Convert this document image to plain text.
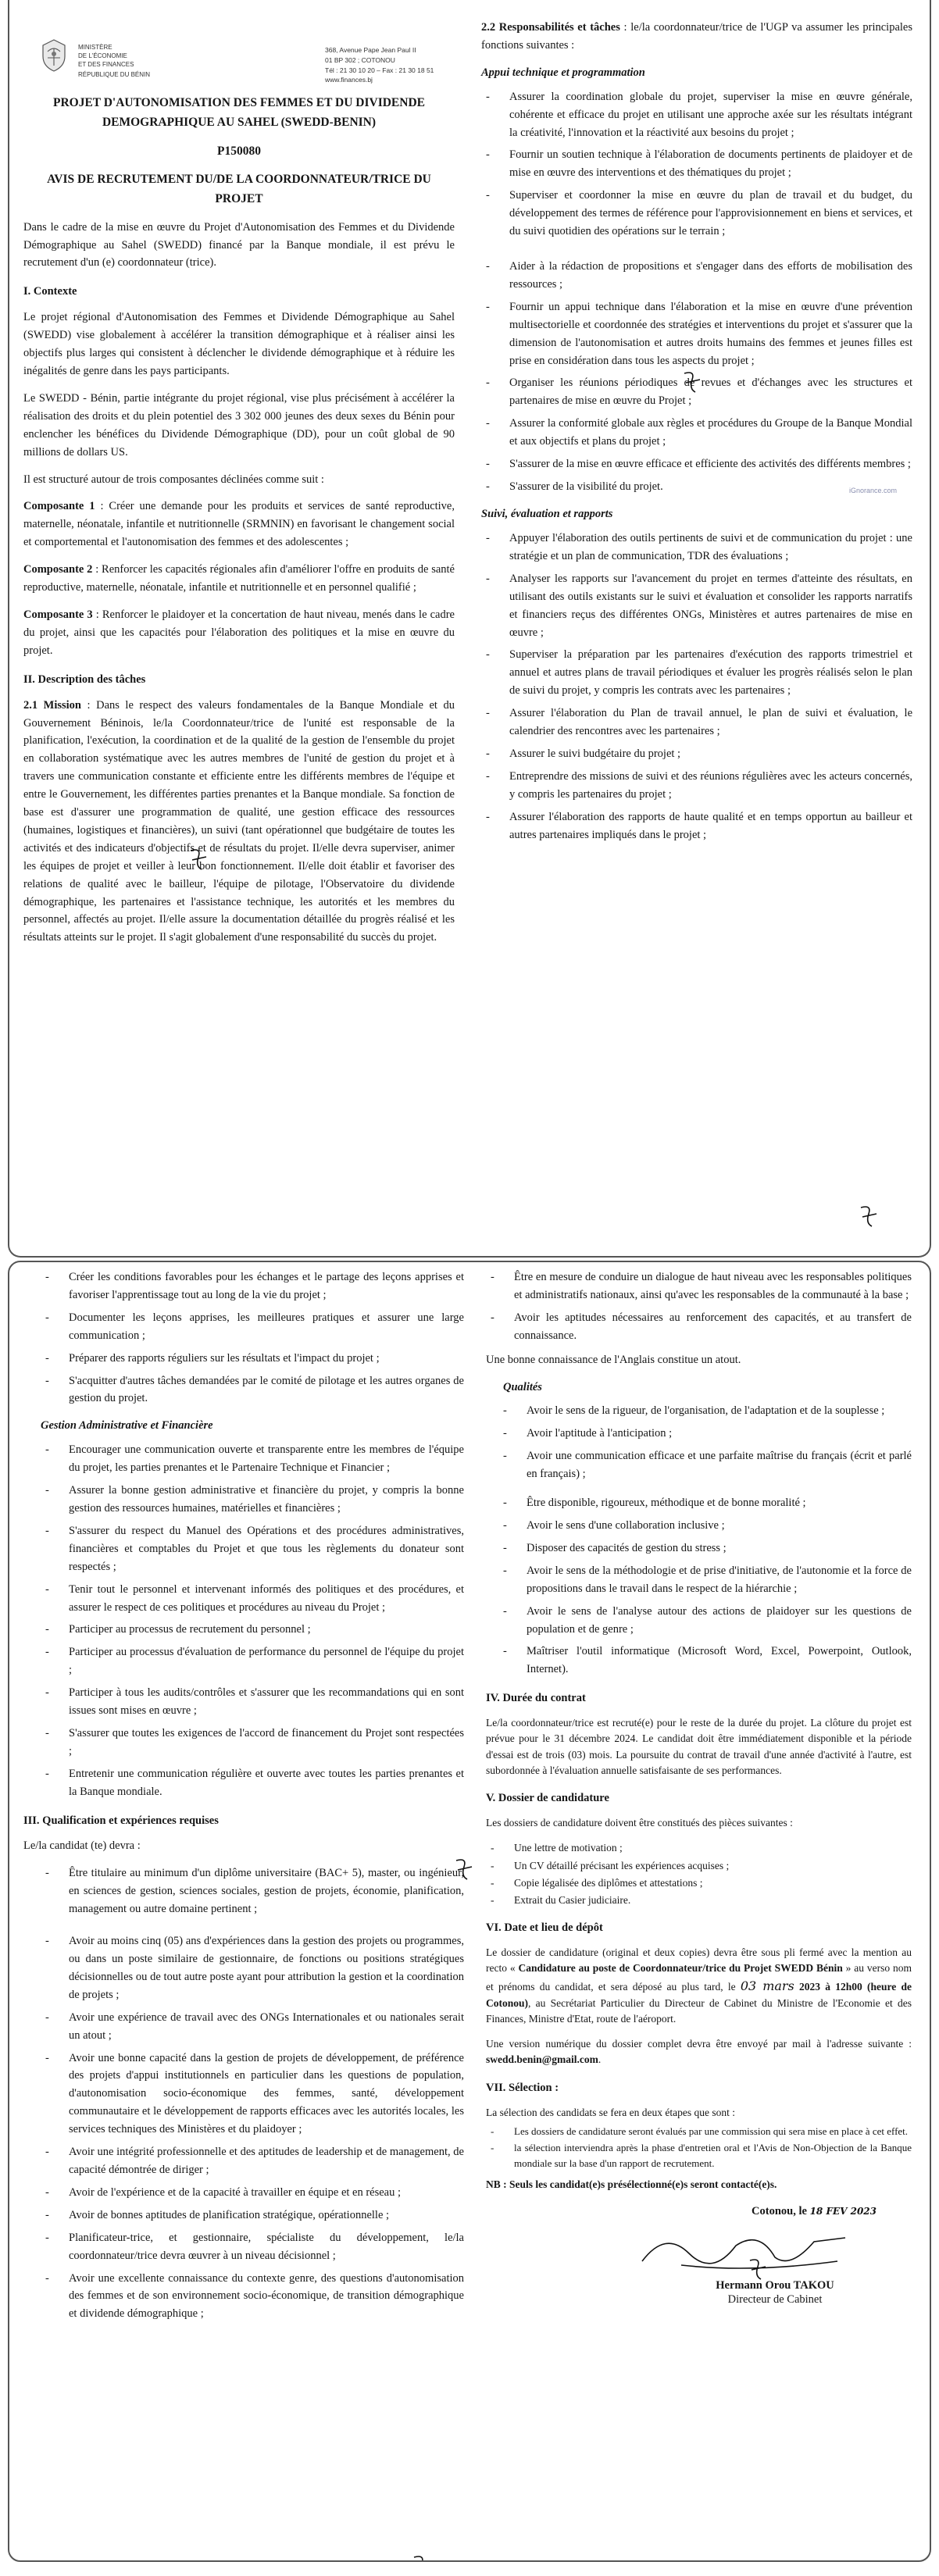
MINISTÈRE
DE L'ÉCONOMIE
ET DES FINANCES
RÉPUBLIQUE DU BÉNIN
PROJET D'AUTONOMISATION DES FEMMES ET DU DIVIDENDE DEMOGRAPHIQUE AU SAHEL (SWEDD-BENIN)
P150080
AVIS DE RECRUTEMENT DU/DE LA COORDONNATEUR/TRICE DU PROJET

Dans le cadre de la mise en œuvre du Projet d'Autonomisation des Femmes et du Dividende Démographique au Sahel (SWEDD) financé par la Banque mondiale, il est prévu le recrutement d'un (e) coordonnateur (trice).

I. Contexte

Le projet régional d'Autonomisation des Femmes et Dividende Démographique au Sahel (SWEDD) vise globalement à accélérer la transition démographique et à réaliser ainsi les objectifs plus larges qui consistent à déclencher le dividende démographique et à réduire les inégalités de genre dans les pays participants.

Le SWEDD - Bénin, partie intégrante du projet régional, vise plus précisément à accélérer la réalisation des droits et du plein potentiel des 3 302 000 jeunes des deux sexes du Bénin pour enclencher les bénéfices du Dividende Démographique (DD), pour un coût global de 90 millions de dollars US.

Il est structuré autour de trois composantes déclinées comme suit :

Composante 1 : Créer une demande pour les produits et services de santé reproductive, maternelle, néonatale, infantile et nutritionnelle (SRMNIN) en favorisant le changement social et comportemental et l'autonomisation des femmes et des adolescentes ;

Composante 2 : Renforcer les capacités régionales afin d'améliorer l'offre en produits de santé reproductive, maternelle, néonatale, infantile et nutritionnelle et en personnel qualifié ;

Composante 3 : Renforcer le plaidoyer et la concertation de haut niveau, menés dans le cadre du projet, ainsi que les capacités pour l'élaboration des politiques et la mise en œuvre du projet.

II. Description des tâches

2.1 Mission : Dans le respect des valeurs fondamentales de la Banque Mondiale et du Gouvernement Béninois, le/la Coordonnateur/trice de l'unité est responsable de la planification, l'exécution, la coordination et de la qualité de la gestion de l'ensemble du projet en collaboration systématique avec les autres membres de l'unité de gestion du projet et à travers une communication constante et efficiente entre les différents membres de l'équipe et entre le Gouvernement, les différentes parties prenantes et la Banque mondiale. Sa fonction de base est d'assurer une programmation de qualité, une gestion efficace des ressources (humaines, logistiques et financières), un suivi (tant opérationnel que budgétaire de toutes les activités et des indicateurs d'objectifs et de résultats du projet. Il/elle devra superviser, animer les équipes de projet et veiller à leur bon fonctionnement. Il/elle doit établir et favoriser des relations de qualité avec le bailleur, l'équipe de pilotage, l'Observatoire du dividende démographique, les partenaires et l'assistance technique, les autorités et les membres du personnel, affectés au projet. Il/elle assure la documentation détaillée du progrès réalisé et les résultats atteints sur le projet. Il s'agit globalement d'une responsabilité du succès du projet.

368, Avenue Pape Jean Paul II
01 BP 302 ; COTONOU
Tél : 21 30 10 20 – Fax : 21 30 18 51
www.finances.bj

2.2 Responsabilités et tâches : le/la coordonnateur/trice de l'UGP va assumer les principales fonctions suivantes :

Appui technique et programmation
- Assurer la coordination globale du projet, superviser la mise en œuvre générale, cohérente et efficace du projet en utilisant une approche axée sur les résultats intégrant la créativité, l'innovation et la réactivité aux besoins du projet ;
- Fournir un soutien technique à l'élaboration de documents pertinents de plaidoyer et de mise en œuvre des interventions et des thématiques du projet ;
- Superviser et coordonner la mise en œuvre du plan de travail et du budget, du développement des termes de référence pour l'approvisionnement en biens et services, et du suivi quotidien des opérations sur le terrain ;
- Aider à la rédaction de propositions et s'engager dans des efforts de mobilisation des ressources ;
- Fournir un appui technique dans l'élaboration et la mise en œuvre d'une prévention multisectorielle et coordonnée des stratégies et interventions du projet et s'assurer que la dimension de l'autonomisation et autres droits humains des femmes et jeunes filles est prise en considération dans tous les aspects du projet ;
- Organiser les réunions périodiques de revues et d'échanges avec les structures et partenaires de mise en œuvre du Projet ;
- Assurer la conformité globale aux règles et procédures du Groupe de la Banque Mondial et aux objectifs et plans du projet ;
- S'assurer de la mise en œuvre efficace et efficiente des activités des différents membres ;
- S'assurer de la visibilité du projet.	iGnorance.com
Suivi, évaluation et rapports
- Appuyer l'élaboration des outils pertinents de suivi et de communication du projet : une stratégie et un plan de communication, TDR des évaluations ;
- Analyser les rapports sur l'avancement du projet en termes d'atteinte des résultats, en utilisant des outils existants sur le suivi et évaluation et consolider les rapports narratifs et financiers reçus des différentes ONGs, Ministères et autres partenaires de mise en œuvre ;
- Superviser la préparation par les partenaires d'exécution des rapports trimestriel et annuel et autres plans de travail périodiques et évaluer les progrès réalisés selon le plan de suivi du projet, y compris les contrats avec les partenaires ;
- Assurer l'élaboration du Plan de travail annuel, le plan de suivi et évaluation, le calendrier des rencontres avec les partenaires ;
- Assurer le suivi budgétaire du projet ;
- Entreprendre des missions de suivi et des réunions régulières avec les acteurs concernés, y compris les partenaires du projet ;
- Assurer l'élaboration des rapports de haute qualité et en temps opportun au bailleur et autres partenaires impliqués dans le projet ;
- Créer les conditions favorables pour les échanges et le partage des leçons apprises et favoriser l'apprentissage tout au long de la vie du projet ;
- Documenter les leçons apprises, les meilleures pratiques et assurer une large communication ;
- Préparer des rapports réguliers sur les résultats et l'impact du projet ;
- S'acquitter d'autres tâches demandées par le comité de pilotage et les autres organes de gestion du projet.
Gestion Administrative et Financière
- Encourager une communication ouverte et transparente entre les membres de l'équipe du projet, les parties prenantes et le Partenaire Technique et Financier ;
- Assurer la bonne gestion administrative et financière du projet, y compris la bonne gestion des ressources humaines, matérielles et financières ;
- S'assurer du respect du Manuel des Opérations et des procédures administratives, financières et comptables du Projet et que tous les règlements du donateur sont respectés ;
- Tenir tout le personnel et intervenant informés des politiques et des procédures, et assurer le respect de ces politiques et procédures au niveau du Projet ;
- Participer au processus de recrutement du personnel ;
- Participer au processus d'évaluation de performance du personnel de l'équipe du projet ;
- Participer à tous les audits/contrôles et s'assurer que les recommandations qui en sont issues sont mises en œuvre ;
- S'assurer que toutes les exigences de l'accord de financement du Projet sont respectées ;
- Entretenir une communication régulière et ouverte avec toutes les parties prenantes et la Banque mondiale.
III. Qualification et expériences requises

Le/la candidat (te) devra :

- Être titulaire au minimum d'un diplôme universitaire (BAC+ 5), master, ou ingénieur, en sciences de gestion, sciences sociales, gestion de projets, économie, planification, management ou autre domaine pertinent ;
- Avoir au moins cinq (05) ans d'expériences dans la gestion des projets ou programmes, ou dans un poste similaire de gestionnaire, de fonctions ou positions stratégiques décisionnelles ou de tout autre poste ayant pour attribution la gestion et la coordination de projets ;
- Avoir une expérience de travail avec des ONGs Internationales et ou nationales serait un atout ;
- Avoir une bonne capacité dans la gestion de projets de développement, de préférence des projets d'appui institutionnels en particulier dans les questions de population, d'autonomisation socio-économique des femmes, santé, développement communautaire et le développement de rapports efficaces avec les autorités locales, les services techniques des Ministères et du plaidoyer ;
- Avoir une intégrité professionnelle et des aptitudes de leadership et de management, de capacité démontrée de diriger ;
- Avoir de l'expérience et de la capacité à travailler en équipe et en réseau ;
- Avoir de bonnes aptitudes de planification stratégique, opérationnelle ;
- Planificateur-trice, et gestionnaire, spécialiste du développement, le/la coordonnateur/trice devra œuvrer à un niveau décisionnel ;
- Avoir une excellente connaissance du contexte genre, des questions d'autonomisation des femmes et de son environnement socio-économique, de transition démographique et dividende démographique ;
- Être en mesure de conduire un dialogue de haut niveau avec les responsables politiques et administratifs nationaux, ainsi qu'avec les responsables de la communauté à la base ;
- Avoir les aptitudes nécessaires au renforcement des capacités, et au transfert de connaissance.

Une bonne connaissance de l'Anglais constitue un atout.

Qualités
- Avoir le sens de la rigueur, de l'organisation, de l'adaptation et de la souplesse ;
- Avoir l'aptitude à l'anticipation ;
- Avoir une communication efficace et une parfaite maîtrise du français (écrit et parlé en français) ;
- Être disponible, rigoureux, méthodique et de bonne moralité ;
- Avoir le sens d'une collaboration inclusive ;
- Disposer des capacités de gestion du stress ;
- Avoir le sens de la méthodologie et de prise d'initiative, de l'autonomie et la force de propositions dans le travail dans le respect de la hiérarchie ;
- Avoir le sens de l'analyse autour des actions de plaidoyer sur les questions de population et de genre ;
- Maîtriser l'outil informatique (Microsoft Word, Excel, Powerpoint, Outlook, Internet).
IV. Durée du contrat

Le/la coordonnateur/trice est recruté(e) pour le reste de la durée du projet. La clôture du projet est prévue pour le 31 décembre 2024. Le candidat doit être immédiatement disponible et la période d'essai est de trois (03) mois. La poursuite du contrat de travail d'une année d'activité à l'autre, est subordonnée à l'évaluation annuelle satisfaisante de ses performances.

V. Dossier de candidature

Les dossiers de candidature doivent être constitués des pièces suivantes :

- Une lettre de motivation ;
- Un CV détaillé précisant les expériences acquises ;
- Copie légalisée des diplômes et attestations ;
- Extrait du Casier judiciaire.
VI. Date et lieu de dépôt

Le dossier de candidature (original et deux copies) devra être sous pli fermé avec la mention au recto « Candidature au poste de Coordonnateur/trice du Projet SWEDD Bénin » au verso nom et prénoms du candidat, et sera déposé au plus tard, le 03 mars 2023 à 12h00 (heure de Cotonou), au Secrétariat Particulier du Directeur de Cabinet du Ministre de l'Economie et des Finances, Ministre d'Etat, route de l'aéroport.

Une version numérique du dossier complet devra être envoyé par mail à l'adresse suivante : swedd.benin@gmail.com.

VII. Sélection :

La sélection des candidats se fera en deux étapes que sont :

- Les dossiers de candidature seront évalués par une commission qui sera mise en place à cet effet.
- la sélection interviendra après la phase d'entretien oral et l'Avis de Non-Objection de la Banque mondiale sur la base d'un rapport de recrutement.

NB : Seuls les candidat(e)s présélectionné(e)s seront contacté(e)s.

Cotonou, le 18 FEV 2023
Hermann Orou TAKOU
Directeur de Cabinet
